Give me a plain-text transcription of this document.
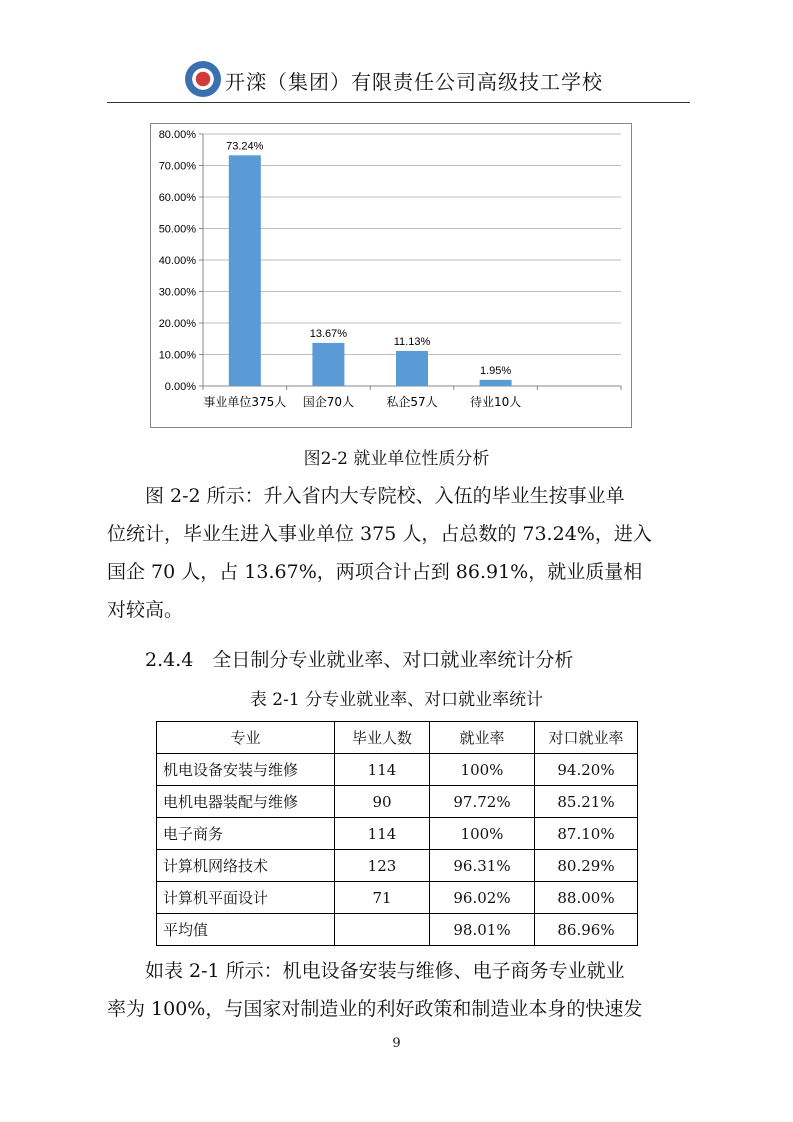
开滦（集团）有限责任公司高级技工学校
0.00%
10.00%
20.00%
30.00%
40.00%
50.00%
60.00%
70.00%
80.00%
73.24%
事业单位375人
13.67%
国企70人
11.13%
私企57人
1.95%
待业10人
图2-2 就业单位性质分析
图 2-2 所示：升入省内大专院校、入伍的毕业生按事业单
位统计，毕业生进入事业单位 375 人，占总数的 73.24%，进入
国企 70 人，占 13.67%，两项合计占到 86.91%，就业质量相
对较高。
2.4.4　全日制分专业就业率、对口就业率统计分析
表 2-1 分专业就业率、对口就业率统计
专业	毕业人数	就业率	对口就业率
机电设备安装与维修	114	100%	94.20%
电机电器装配与维修	90	97.72%	85.21%
电子商务	114	100%	87.10%
计算机网络技术	123	96.31%	80.29%
计算机平面设计	71	96.02%	88.00%
平均值		98.01%	86.96%
如表 2-1 所示：机电设备安装与维修、电子商务专业就业
率为 100%，与国家对制造业的利好政策和制造业本身的快速发
9
